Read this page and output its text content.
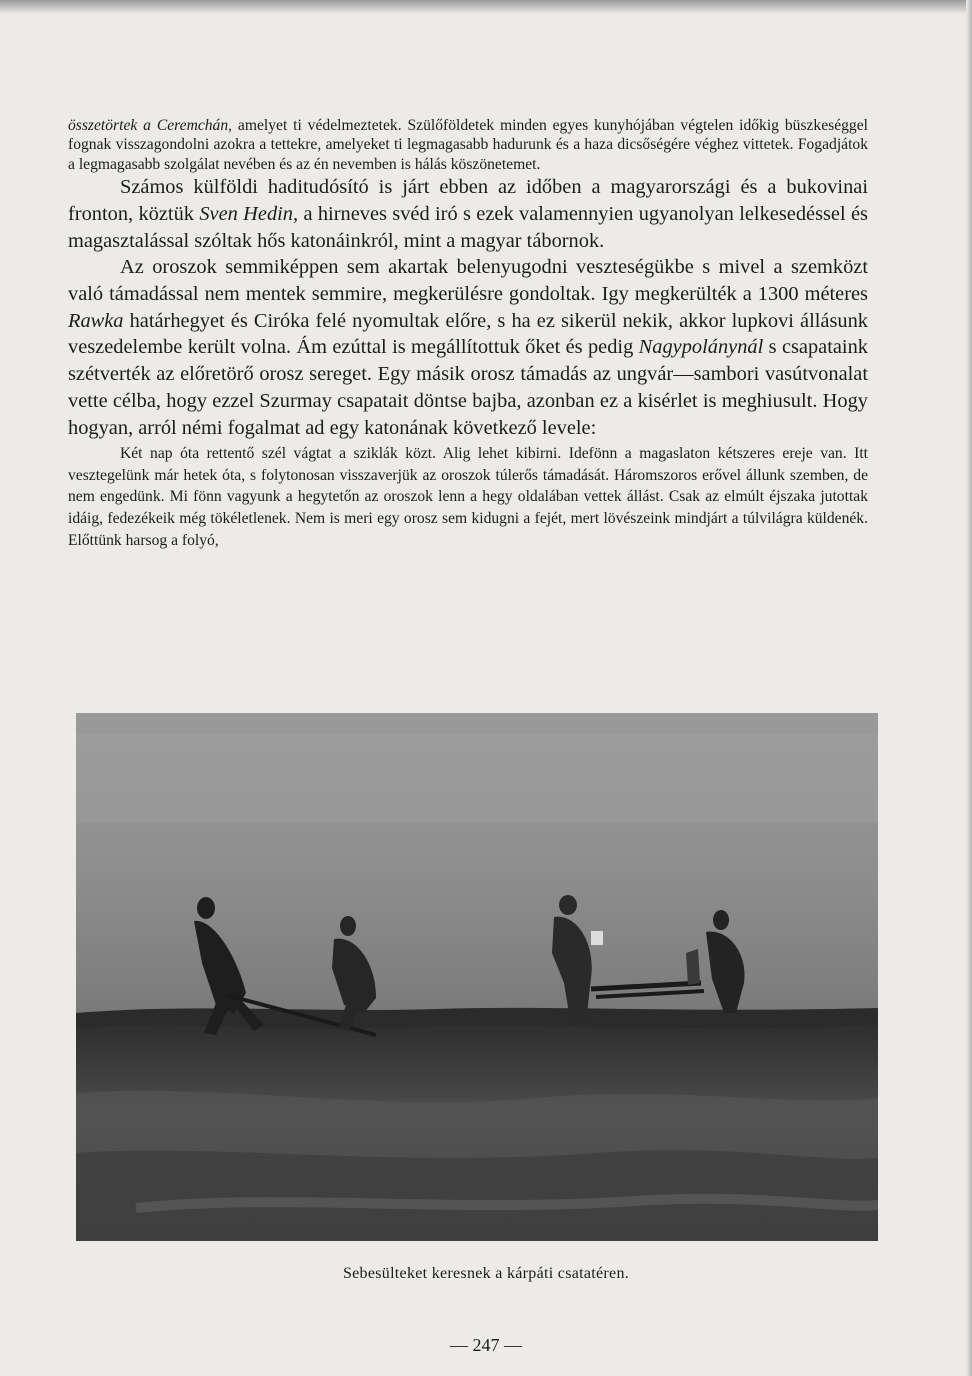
összetörtek a Ceremchán, amelyet ti védelmeztetek. Szülőföldetek minden egyes kunyhójában végtelen időkig büszkeséggel fognak visszagondolni azokra a tettekre, amelyeket ti legmagasabb hadurunk és a haza dicsőségére véghez vittetek. Fogadjátok a legmagasabb szolgálat nevében és az én nevemben is hálás köszönetemet.

Számos külföldi haditudósító is járt ebben az időben a magyarországi és a bukovinai fronton, köztük Sven Hedin, a hirneves svéd iró s ezek valamennyien ugyanolyan lelkesedéssel és magasztalással szóltak hős katonáinkról, mint a magyar tábornok.

Az oroszok semmiképpen sem akartak belenyugodni veszteségükbe s mivel a szemközt való támadással nem mentek semmire, megkerülésre gondoltak. Igy megkerülték a 1300 méteres Rawka határhegyet és Ciróka felé nyomultak előre, s ha ez sikerül nekik, akkor lupkovi állásunk veszedelembe került volna. Ám ezúttal is megállítottuk őket és pedig Nagypolánynál s csapataink szétverték az előretörő orosz sereget. Egy másik orosz támadás az ungvár—sambori vasútvonalat vette célba, hogy ezzel Szurmay csapatait döntse bajba, azonban ez a kisérlet is meghiusult. Hogy hogyan, arról némi fogalmat ad egy katonának következő levele:

Két nap óta rettentő szél vágtat a sziklák közt. Alig lehet kibirni. Idefönn a magaslaton kétszeres ereje van. Itt vesztegelünk már hetek óta, s folytonosan visszaverjük az oroszok túlerős támadását. Háromszoros erővel állunk szemben, de nem engedünk. Mi fönn vagyunk a hegytetőn az oroszok lenn a hegy oldalában vettek állást. Csak az elmúlt éjszaka jutottak idáig, fedezékeik még tökéletlenek. Nem is meri egy orosz sem kidugni a fejét, mert lövészeink mindjárt a túlvilágra küldenék. Előttünk harsog a folyó,

Sebesülteket keresnek a kárpáti csatatéren.
— 247 —
